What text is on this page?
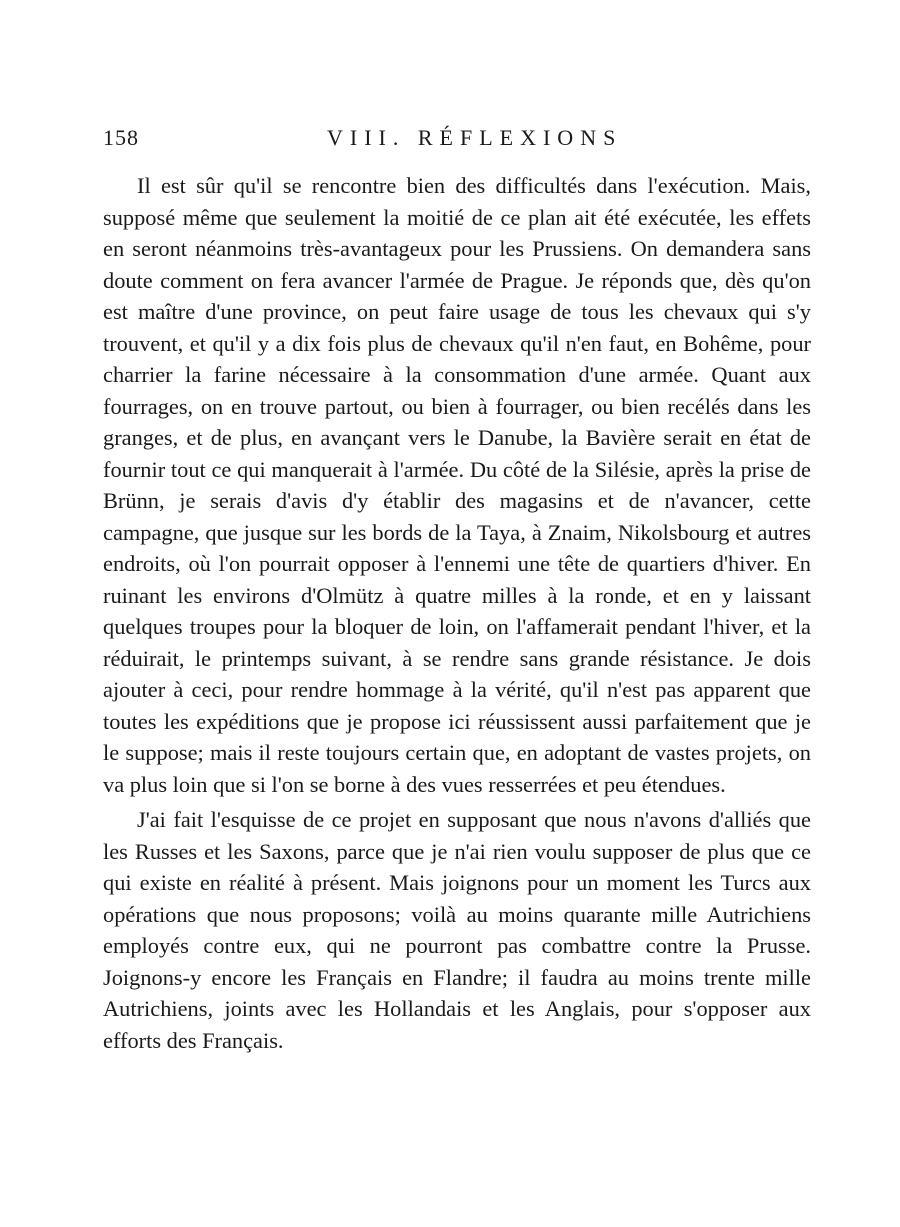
158	VIII. RÉFLEXIONS

Il est sûr qu'il se rencontre bien des difficultés dans l'exécution. Mais, supposé même que seulement la moitié de ce plan ait été exécutée, les effets en seront néanmoins très-avantageux pour les Prussiens. On demandera sans doute comment on fera avancer l'armée de Prague. Je réponds que, dès qu'on est maître d'une province, on peut faire usage de tous les chevaux qui s'y trouvent, et qu'il y a dix fois plus de chevaux qu'il n'en faut, en Bohême, pour charrier la farine nécessaire à la consommation d'une armée. Quant aux fourrages, on en trouve partout, ou bien à fourrager, ou bien recélés dans les granges, et de plus, en avançant vers le Danube, la Bavière serait en état de fournir tout ce qui manquerait à l'armée. Du côté de la Silésie, après la prise de Brünn, je serais d'avis d'y établir des magasins et de n'avancer, cette campagne, que jusque sur les bords de la Taya, à Znaim, Nikolsbourg et autres endroits, où l'on pourrait opposer à l'ennemi une tête de quartiers d'hiver. En ruinant les environs d'Olmütz à quatre milles à la ronde, et en y laissant quelques troupes pour la bloquer de loin, on l'affamerait pendant l'hiver, et la réduirait, le printemps suivant, à se rendre sans grande résistance. Je dois ajouter à ceci, pour rendre hommage à la vérité, qu'il n'est pas apparent que toutes les expéditions que je propose ici réussissent aussi parfaitement que je le suppose; mais il reste toujours certain que, en adoptant de vastes projets, on va plus loin que si l'on se borne à des vues resserrées et peu étendues.

J'ai fait l'esquisse de ce projet en supposant que nous n'avons d'alliés que les Russes et les Saxons, parce que je n'ai rien voulu supposer de plus que ce qui existe en réalité à présent. Mais joignons pour un moment les Turcs aux opérations que nous proposons; voilà au moins quarante mille Autrichiens employés contre eux, qui ne pourront pas combattre contre la Prusse. Joignons-y encore les Français en Flandre; il faudra au moins trente mille Autrichiens, joints avec les Hollandais et les Anglais, pour s'opposer aux efforts des Français.
